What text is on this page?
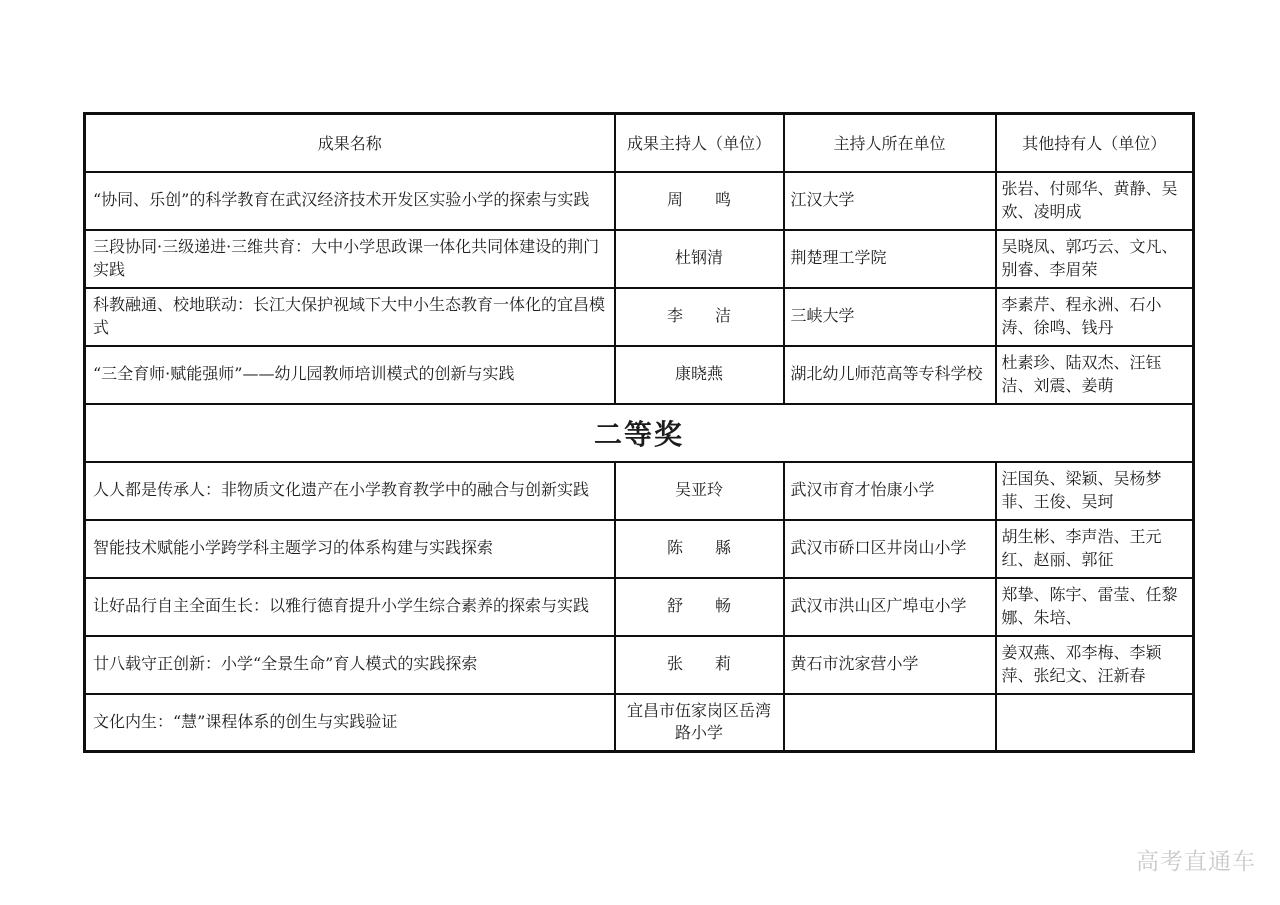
成果名称	成果主持人（单位）	主持人所在单位	其他持有人（单位）
“协同、乐创”的科学教育在武汉经济技术开发区实验小学的探索与实践	周　　鸣	江汉大学	张岩、付郧华、黄静、吴欢、凌明成
三段协同·三级递进·三维共育：大中小学思政课一体化共同体建设的荆门实践	杜钢清	荆楚理工学院	吴晓凤、郭巧云、文凡、别睿、李眉荣
科教融通、校地联动：长江大保护视域下大中小生态教育一体化的宜昌模式	李　　洁	三峡大学	李素芹、程永洲、石小涛、徐鸣、钱丹
“三全育师·赋能强师”——幼儿园教师培训模式的创新与实践	康晓燕	湖北幼儿师范高等专科学校	杜素珍、陆双杰、汪钰洁、刘震、姜萌
二等奖			
人人都是传承人：非物质文化遗产在小学教育教学中的融合与创新实践	吴亚玲	武汉市育才怡康小学	汪国奂、梁颖、吴杨梦菲、王俊、吴珂
智能技术赋能小学跨学科主题学习的体系构建与实践探索	陈　　縣	武汉市硚口区井岗山小学	胡生彬、李声浩、王元红、赵丽、郭征
让好品行自主全面生长：以雅行德育提升小学生综合素养的探索与实践	舒　　畅	武汉市洪山区广埠屯小学	郑挚、陈宇、雷莹、任黎娜、朱培、
廿八载守正创新：小学“全景生命”育人模式的实践探索	张　　莉	黄石市沈家营小学	姜双燕、邓李梅、李颖萍、张纪文、汪新春
文化内生：“慧”课程体系的创生与实践验证	宜昌市伍家岗区岳湾路小学		
高考直通车
